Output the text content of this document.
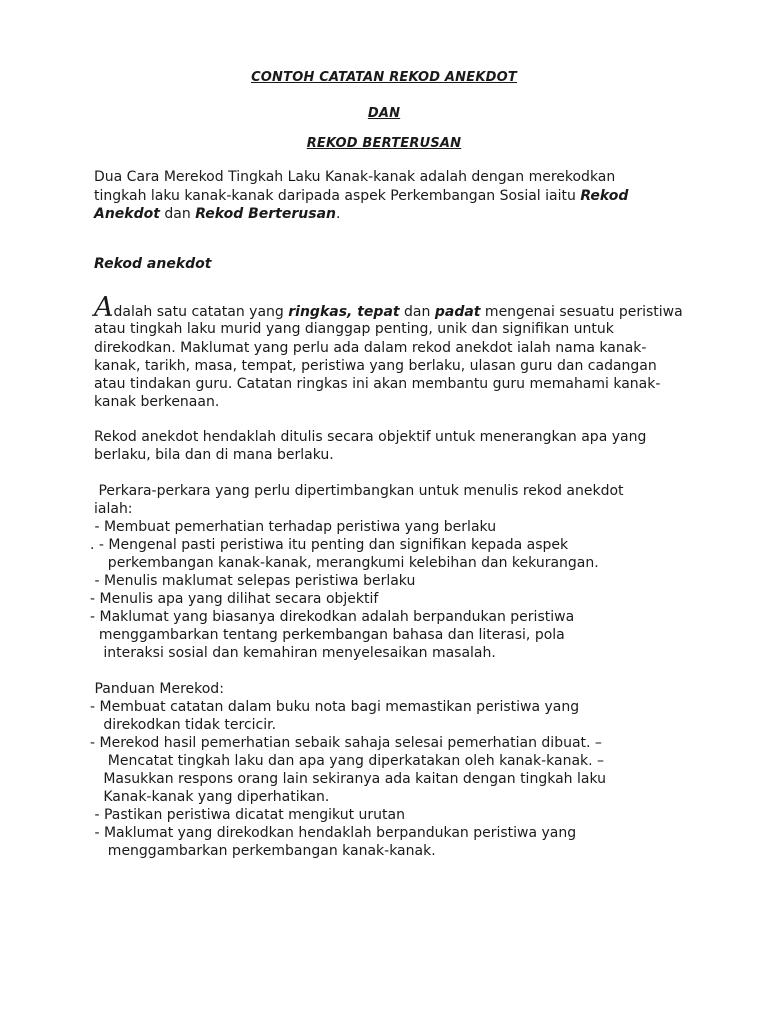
CONTOH CATATAN REKOD ANEKDOT
DAN
REKOD BERTERUSAN
Dua Cara Merekod Tingkah Laku Kanak-kanak adalah dengan merekodkan
tingkah laku kanak-kanak daripada aspek Perkembangan Sosial iaitu Rekod
Anekdot dan Rekod Berterusan.
Rekod anekdot
Adalah satu catatan yang ringkas, tepat dan padat mengenai sesuatu peristiwa
atau tingkah laku murid yang dianggap penting, unik dan signifikan untuk
direkodkan. Maklumat yang perlu ada dalam rekod anekdot ialah nama kanak-
kanak, tarikh, masa, tempat, peristiwa yang berlaku, ulasan guru dan cadangan
atau tindakan guru. Catatan ringkas ini akan membantu guru memahami kanak-
kanak berkenaan.
Rekod anekdot hendaklah ditulis secara objektif untuk menerangkan apa yang
berlaku, bila dan di mana berlaku.
Perkara-perkara yang perlu dipertimbangkan untuk menulis rekod anekdot
ialah:
- Membuat pemerhatian terhadap peristiwa yang berlaku
. - Mengenal pasti peristiwa itu penting dan signifikan kepada aspek
perkembangan kanak-kanak, merangkumi kelebihan dan kekurangan.
- Menulis maklumat selepas peristiwa berlaku
- Menulis apa yang dilihat secara objektif
- Maklumat yang biasanya direkodkan adalah berpandukan peristiwa
menggambarkan tentang perkembangan bahasa dan literasi, pola
interaksi sosial dan kemahiran menyelesaikan masalah.
Panduan Merekod:
- Membuat catatan dalam buku nota bagi memastikan peristiwa yang
direkodkan tidak tercicir.
- Merekod hasil pemerhatian sebaik sahaja selesai pemerhatian dibuat. –
Mencatat tingkah laku dan apa yang diperkatakan oleh kanak-kanak. –
Masukkan respons orang lain sekiranya ada kaitan dengan tingkah laku
Kanak-kanak yang diperhatikan.
- Pastikan peristiwa dicatat mengikut urutan
- Maklumat yang direkodkan hendaklah berpandukan peristiwa yang
menggambarkan perkembangan kanak-kanak.
